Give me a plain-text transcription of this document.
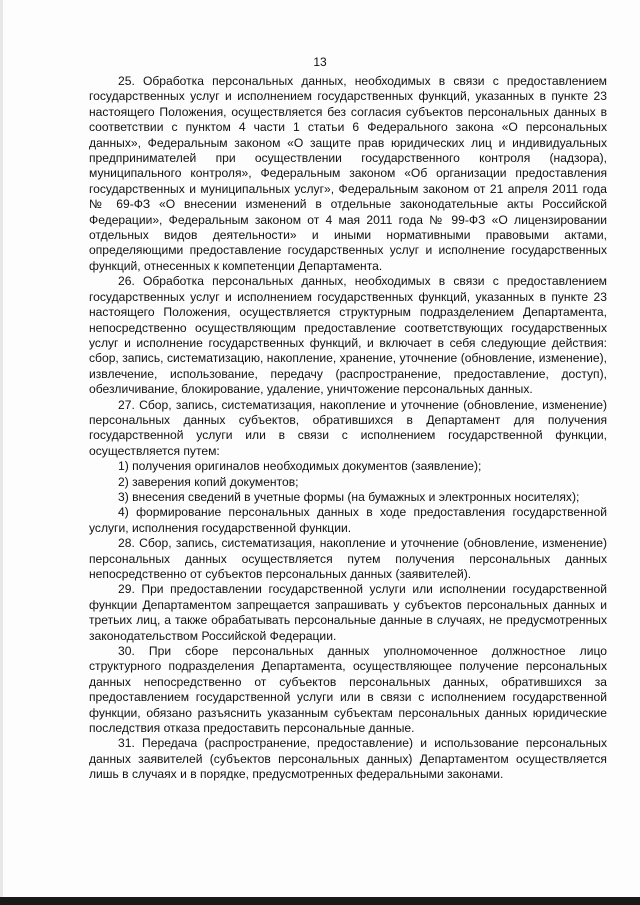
13

25. Обработка персональных данных, необходимых в связи с предоставлением государственных услуг и исполнением государственных функций, указанных в пункте 23 настоящего Положения, осуществляется без согласия субъектов персональных данных в соответствии с пунктом 4 части 1 статьи 6 Федерального закона «О персональных данных», Федеральным законом «О защите прав юридических лиц и индивидуальных предпринимателей при осуществлении государственного контроля (надзора), муниципального контроля», Федеральным законом «Об организации предоставления государственных и муниципальных услуг», Федеральным законом от 21 апреля 2011 года № 69-ФЗ «О внесении изменений в отдельные законодательные акты Российской Федерации», Федеральным законом от 4 мая 2011 года № 99-ФЗ «О лицензировании отдельных видов деятельности» и иными нормативными правовыми актами, определяющими предоставление государственных услуг и исполнение государственных функций, отнесенных к компетенции Департамента.

26. Обработка персональных данных, необходимых в связи с предоставлением государственных услуг и исполнением государственных функций, указанных в пункте 23 настоящего Положения, осуществляется структурным подразделением Департамента, непосредственно осуществляющим предоставление соответствующих государственных услуг и исполнение государственных функций, и включает в себя следующие действия: сбор, запись, систематизацию, накопление, хранение, уточнение (обновление, изменение), извлечение, использование, передачу (распространение, предоставление, доступ), обезличивание, блокирование, удаление, уничтожение персональных данных.

27. Сбор, запись, систематизация, накопление и уточнение (обновление, изменение) персональных данных субъектов, обратившихся в Департамент для получения государственной услуги или в связи с исполнением государственной функции, осуществляется путем:

1) получения оригиналов необходимых документов (заявление);

2) заверения копий документов;

3) внесения сведений в учетные формы (на бумажных и электронных носителях);

4) формирование персональных данных в ходе предоставления государственной услуги, исполнения государственной функции.

28. Сбор, запись, систематизация, накопление и уточнение (обновление, изменение) персональных данных осуществляется путем получения персональных данных непосредственно от субъектов персональных данных (заявителей).

29. При предоставлении государственной услуги или исполнении государственной функции Департаментом запрещается запрашивать у субъектов персональных данных и третьих лиц, а также обрабатывать персональные данные в случаях, не предусмотренных законодательством Российской Федерации.

30. При сборе персональных данных уполномоченное должностное лицо структурного подразделения Департамента, осуществляющее получение персональных данных непосредственно от субъектов персональных данных, обратившихся за предоставлением государственной услуги или в связи с исполнением государственной функции, обязано разъяснить указанным субъектам персональных данных юридические последствия отказа предоставить персональные данные.

31. Передача (распространение, предоставление) и использование персональных данных заявителей (субъектов персональных данных) Департаментом осуществляется лишь в случаях и в порядке, предусмотренных федеральными законами.
